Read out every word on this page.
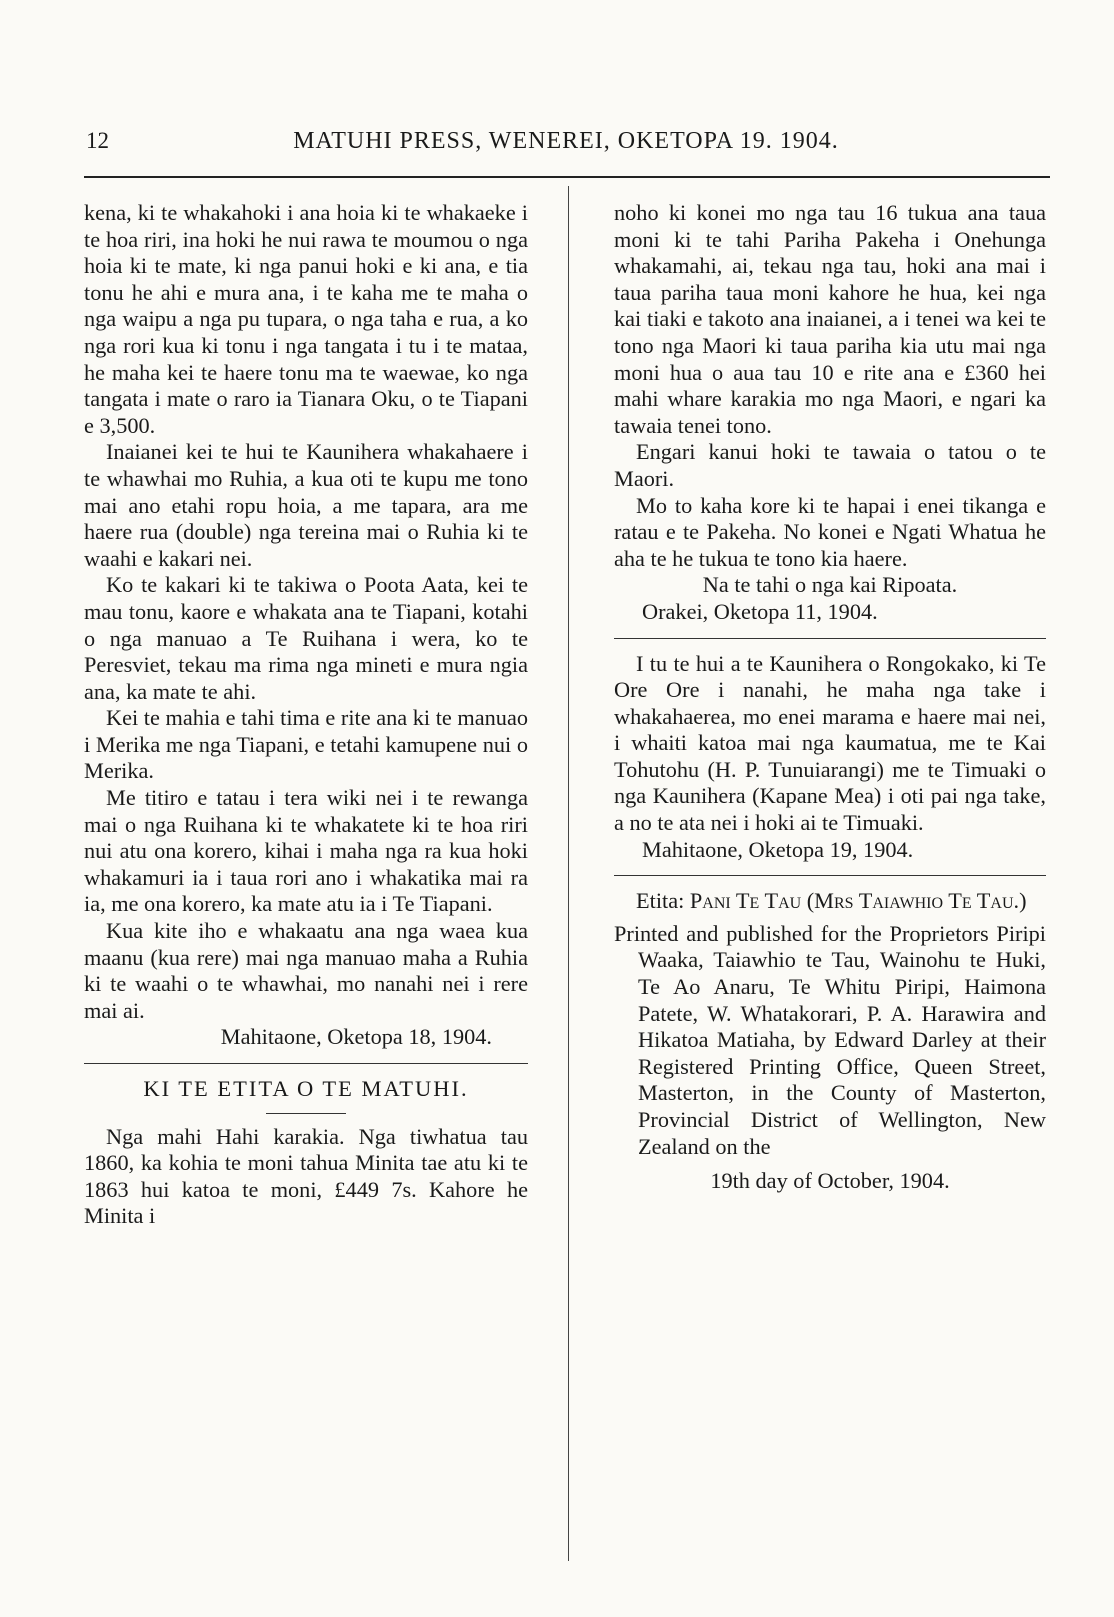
12	MATUHI PRESS, WENEREI, OKETOPA 19. 1904.

kena, ki te whakahoki i ana hoia ki te whakaeke i te hoa riri, ina hoki he nui rawa te moumou o nga hoia ki te mate, ki nga panui hoki e ki ana, e tia tonu he ahi e mura ana, i te kaha me te maha o nga waipu a nga pu tupara, o nga taha e rua, a ko nga rori kua ki tonu i nga tangata i tu i te mataa, he maha kei te haere tonu ma te waewae, ko nga tangata i mate o raro ia Tianara Oku, o te Tiapani e 3,500.

Inaianei kei te hui te Kaunihera whakahaere i te whawhai mo Ruhia, a kua oti te kupu me tono mai ano etahi ropu hoia, a me tapara, ara me haere rua (double) nga tereina mai o Ruhia ki te waahi e kakari nei.

Ko te kakari ki te takiwa o Poota Aata, kei te mau tonu, kaore e whakata ana te Tiapani, kotahi o nga manuao a Te Ruihana i wera, ko te Peresviet, tekau ma rima nga mineti e mura ngia ana, ka mate te ahi.

Kei te mahia e tahi tima e rite ana ki te manuao i Merika me nga Tiapani, e tetahi kamupene nui o Merika.

Me titiro e tatau i tera wiki nei i te rewanga mai o nga Ruihana ki te whakatete ki te hoa riri nui atu ona korero, kihai i maha nga ra kua hoki whakamuri ia i taua rori ano i whakatika mai ra ia, me ona korero, ka mate atu ia i Te Tiapani.

Kua kite iho e whakaatu ana nga waea kua maanu (kua rere) mai nga manuao maha a Ruhia ki te waahi o te whawhai, mo nanahi nei i rere mai ai.

Mahitaone, Oketopa 18, 1904.

KI TE ETITA O TE MATUHI.

Nga mahi Hahi karakia. Nga tiwhatua tau 1860, ka kohia te moni tahua Minita tae atu ki te 1863 hui katoa te moni, £449 7s. Kahore he Minita i

noho ki konei mo nga tau 16 tukua ana taua moni ki te tahi Pariha Pakeha i Onehunga whakamahi, ai, tekau nga tau, hoki ana mai i taua pariha taua moni kahore he hua, kei nga kai tiaki e takoto ana inaianei, a i tenei wa kei te tono nga Maori ki taua pariha kia utu mai nga moni hua o aua tau 10 e rite ana e £360 hei mahi whare karakia mo nga Maori, e ngari ka tawaia tenei tono.

Engari kanui hoki te tawaia o tatou o te Maori.

Mo to kaha kore ki te hapai i enei tikanga e ratau e te Pakeha. No konei e Ngati Whatua he aha te he tukua te tono kia haere.

Na te tahi o nga kai Ripoata.

Orakei, Oketopa 11, 1904.

I tu te hui a te Kaunihera o Rongokako, ki Te Ore Ore i nanahi, he maha nga take i whakahaerea, mo enei marama e haere mai nei, i whaiti katoa mai nga kaumatua, me te Kai Tohutohu (H. P. Tunuiarangi) me te Timuaki o nga Kaunihera (Kapane Mea) i oti pai nga take, a no te ata nei i hoki ai te Timuaki.

Mahitaone, Oketopa 19, 1904.

Etita: Pani Te Tau (Mrs Taiawhio Te Tau.)

Printed and published for the Proprietors Piripi Waaka, Taiawhio te Tau, Wainohu te Huki, Te Ao Anaru, Te Whitu Piripi, Haimona Patete, W. Whatakorari, P. A. Harawira and Hikatoa Matiaha, by Edward Darley at their Registered Printing Office, Queen Street, Masterton, in the County of Masterton, Provincial District of Wellington, New Zealand on the

19th day of October, 1904.
